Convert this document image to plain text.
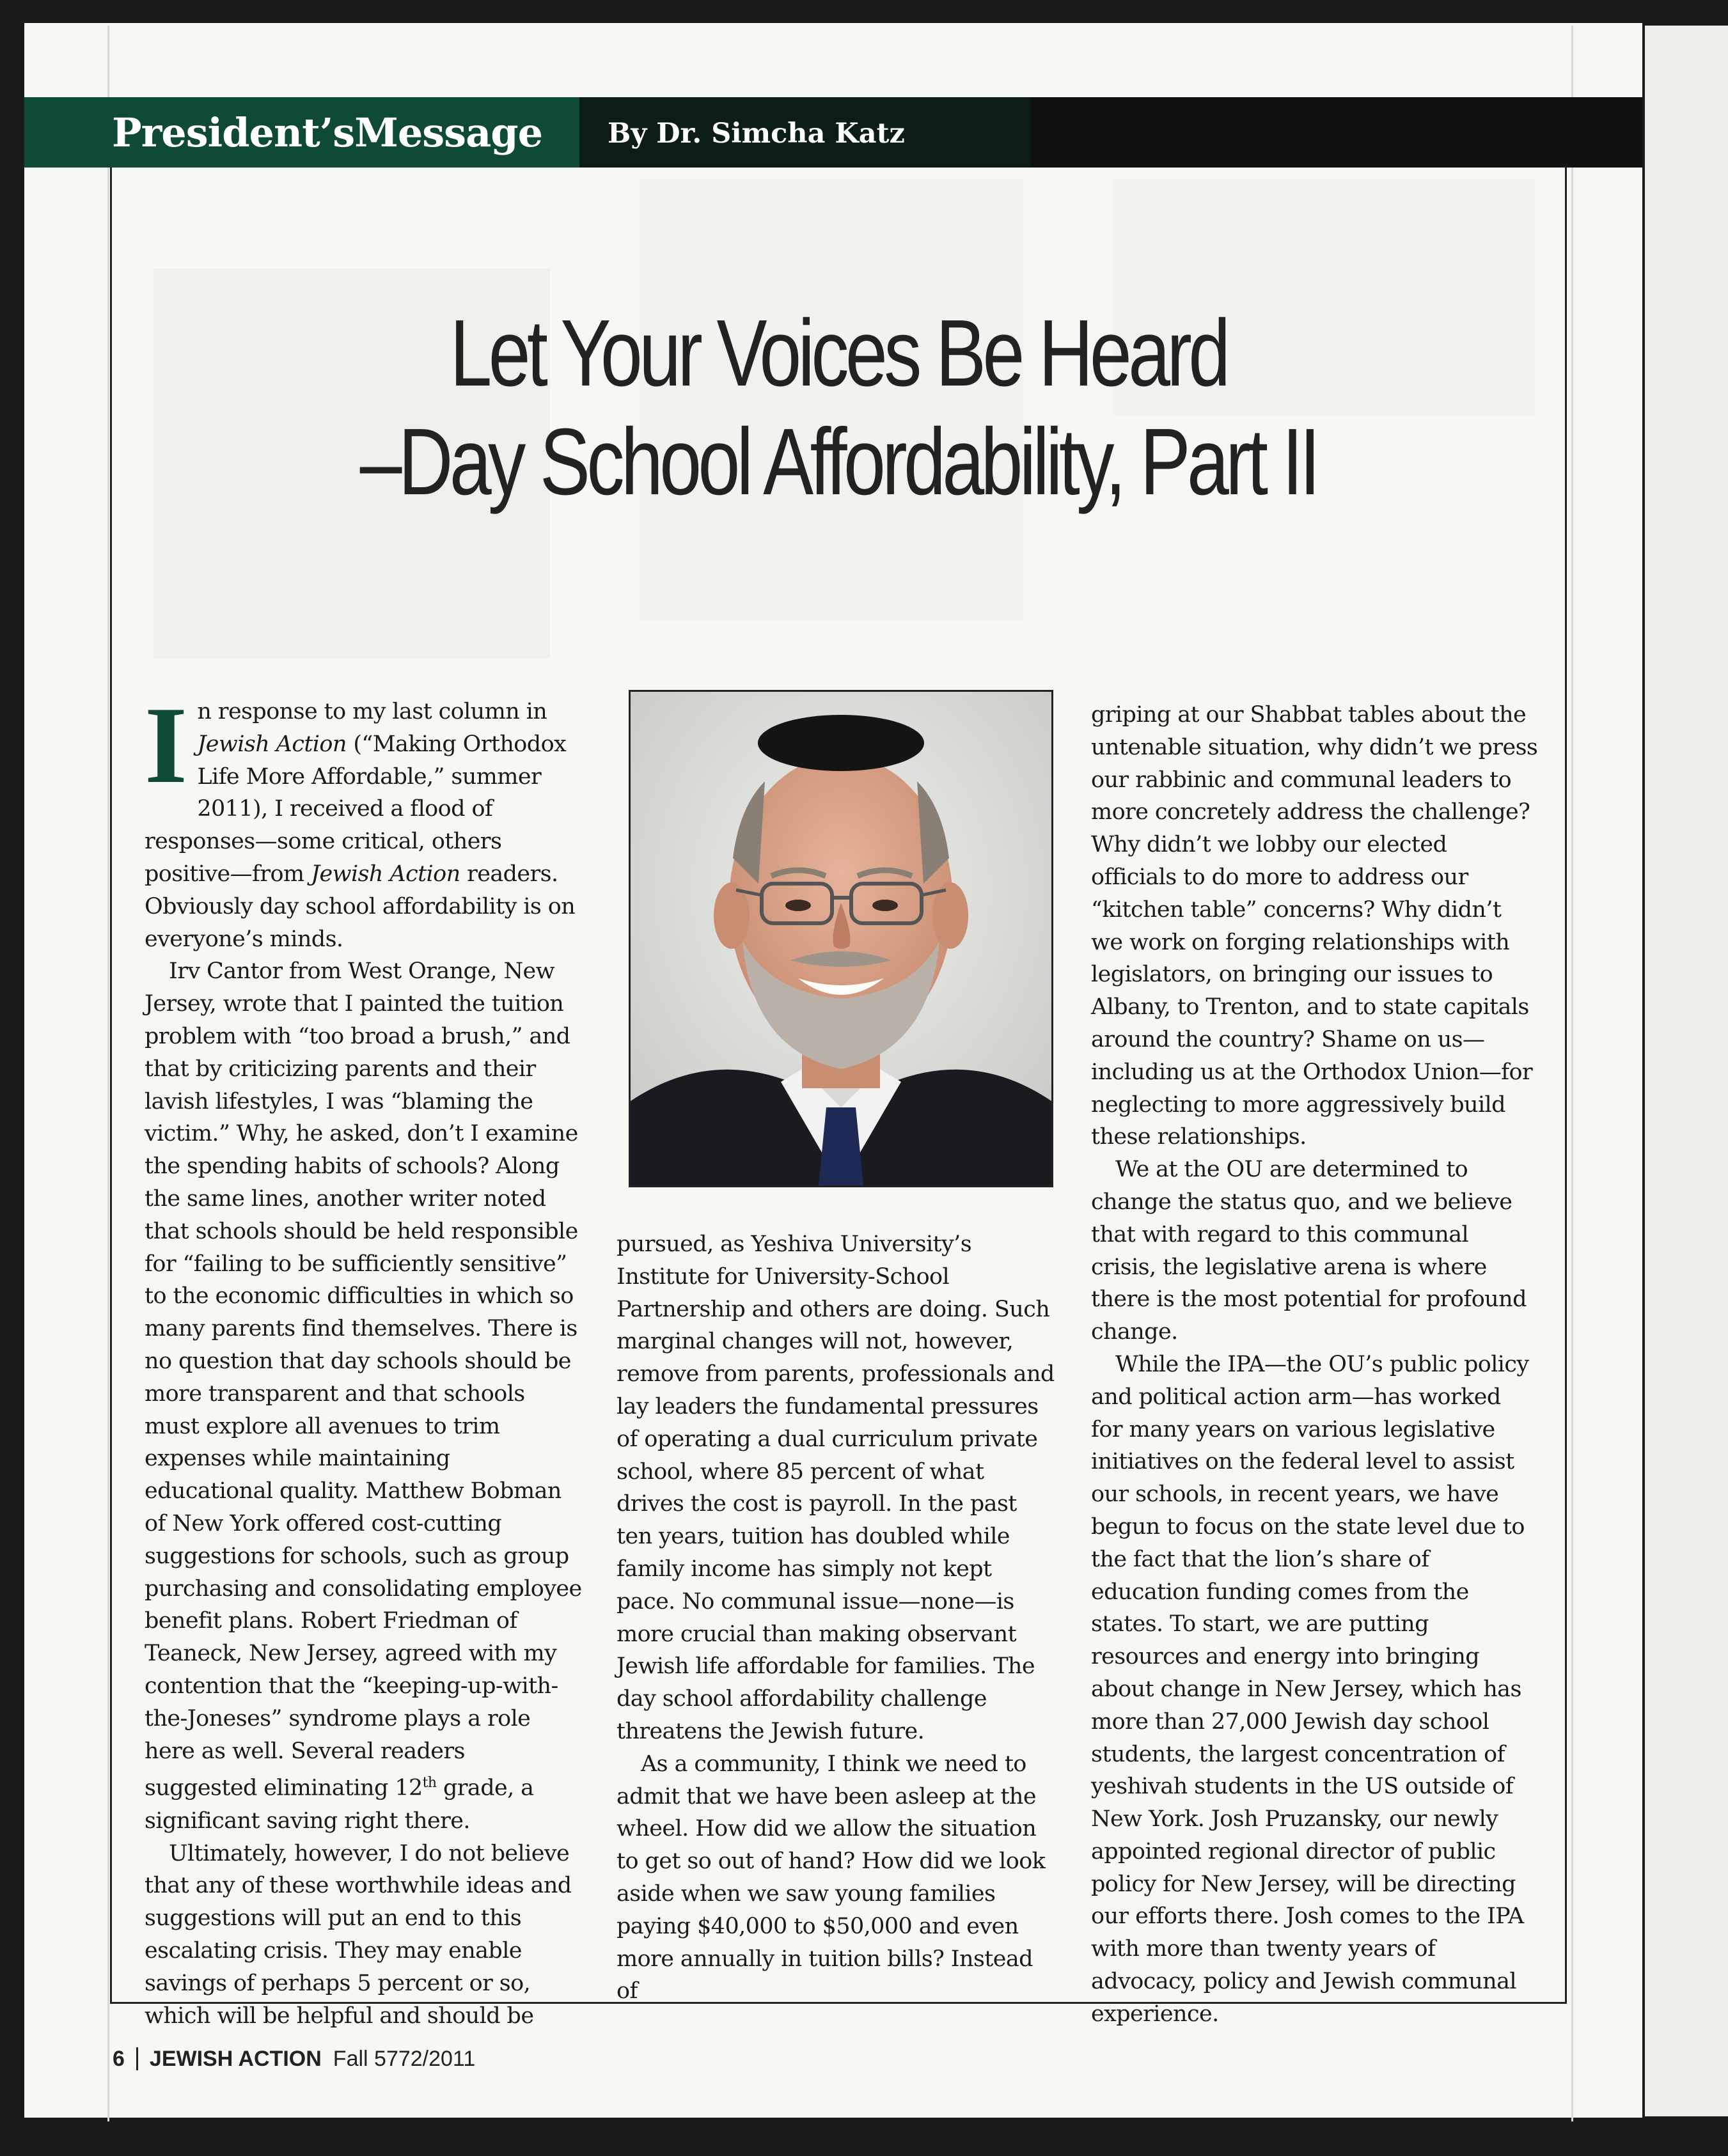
President’sMessage By Dr. Simcha Katz
Let Your Voices Be Heard
–Day School Affordability, Part II

In response to my last column in Jewish Action (“Making Orthodox Life More Affordable,” summer 2011), I received a flood of responses—some critical, others positive—from Jewish Action readers. Obviously day school affordability is on everyone’s minds.

Irv Cantor from West Orange, New Jersey, wrote that I painted the tuition problem with “too broad a brush,” and that by criticizing parents and their lavish lifestyles, I was “blaming the victim.” Why, he asked, don’t I examine the spending habits of schools? Along the same lines, another writer noted that schools should be held responsible for “failing to be sufficiently sensitive” to the economic difficulties in which so many parents find themselves. There is no question that day schools should be more transparent and that schools must explore all avenues to trim expenses while maintaining educational quality. Matthew Bobman of New York offered cost-cutting suggestions for schools, such as group purchasing and consolidating employee benefit plans. Robert Friedman of Teaneck, New Jersey, agreed with my contention that the “keeping-up-with-the-Joneses” syndrome plays a role here as well. Several readers suggested eliminating 12th grade, a significant saving right there.

Ultimately, however, I do not believe that any of these worthwhile ideas and suggestions will put an end to this escalating crisis. They may enable savings of perhaps 5 percent or so, which will be helpful and should be

pursued, as Yeshiva University’s Institute for University-School Partnership and others are doing. Such marginal changes will not, however, remove from parents, professionals and lay leaders the fundamental pressures of operating a dual curriculum private school, where 85 percent of what drives the cost is payroll. In the past ten years, tuition has doubled while family income has simply not kept pace. No communal issue—none—is more crucial than making observant Jewish life affordable for families. The day school affordability challenge threatens the Jewish future.

As a community, I think we need to admit that we have been asleep at the wheel. How did we allow the situation to get so out of hand? How did we look aside when we saw young families paying $40,000 to $50,000 and even more annually in tuition bills? Instead of

griping at our Shabbat tables about the untenable situation, why didn’t we press our rabbinic and communal leaders to more concretely address the challenge? Why didn’t we lobby our elected officials to do more to address our “kitchen table” concerns? Why didn’t we work on forging relationships with legislators, on bringing our issues to Albany, to Trenton, and to state capitals around the country? Shame on us—including us at the Orthodox Union—for neglecting to more aggressively build these relationships.

We at the OU are determined to change the status quo, and we believe that with regard to this communal crisis, the legislative arena is where there is the most potential for profound change.

While the IPA—the OU’s public policy and political action arm—has worked for many years on various legislative initiatives on the federal level to assist our schools, in recent years, we have begun to focus on the state level due to the fact that the lion’s share of education funding comes from the states. To start, we are putting resources and energy into bringing about change in New Jersey, which has more than 27,000 Jewish day school students, the largest concentration of yeshivah students in the US outside of New York. Josh Pruzansky, our newly appointed regional director of public policy for New Jersey, will be directing our efforts there. Josh comes to the IPA with more than twenty years of advocacy, policy and Jewish communal experience.

6 JEWISH ACTION Fall 5772/2011
